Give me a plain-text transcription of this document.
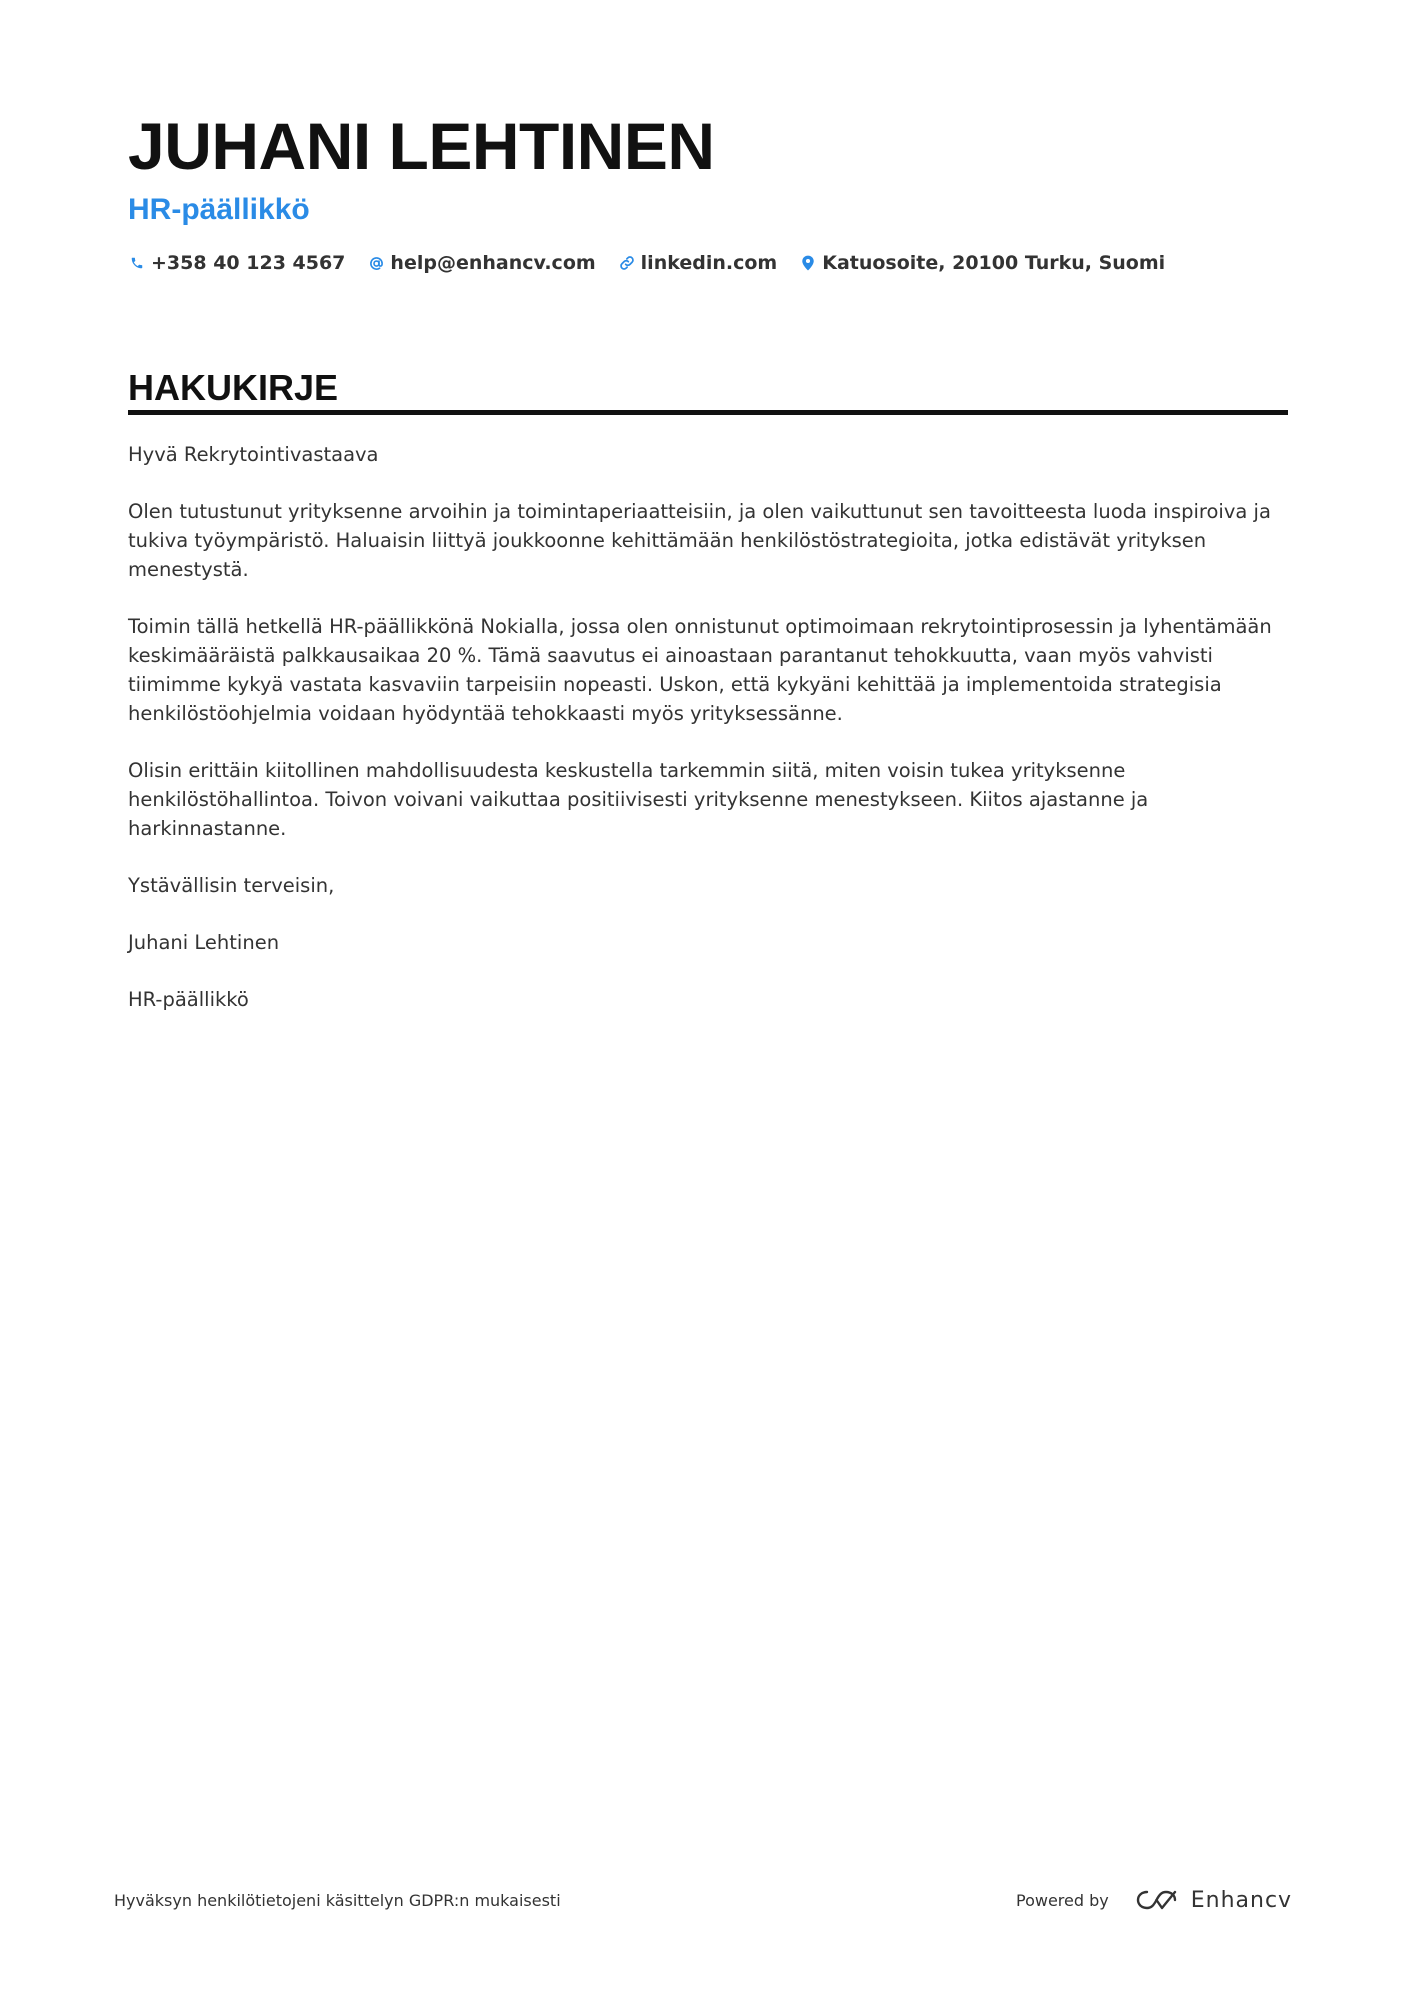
JUHANI LEHTINEN
HR-päällikkö
+358 40 123 4567 help@enhancv.com linkedin.com Katuosoite, 20100 Turku, Suomi
HAKUKIRJE

Hyvä Rekrytointivastaava

Olen tutustunut yrityksenne arvoihin ja toimintaperiaatteisiin, ja olen vaikuttunut sen tavoitteesta luoda inspiroiva ja tukiva työympäristö. Haluaisin liittyä joukkoonne kehittämään henkilöstöstrategioita, jotka edistävät yrityksen menestystä.

Toimin tällä hetkellä HR-päällikkönä Nokialla, jossa olen onnistunut optimoimaan rekrytointiprosessin ja lyhentämään keskimääräistä palkkausaikaa 20 %. Tämä saavutus ei ainoastaan parantanut tehokkuutta, vaan myös vahvisti tiimimme kykyä vastata kasvaviin tarpeisiin nopeasti. Uskon, että kykyäni kehittää ja implementoida strategisia henkilöstöohjelmia voidaan hyödyntää tehokkaasti myös yrityksessänne.

Olisin erittäin kiitollinen mahdollisuudesta keskustella tarkemmin siitä, miten voisin tukea yrityksenne henkilöstöhallintoa. Toivon voivani vaikuttaa positiivisesti yrityksenne menestykseen. Kiitos ajastanne ja harkinnastanne.

Ystävällisin terveisin,

Juhani Lehtinen

HR-päällikkö

Hyväksyn henkilötietojeni käsittelyn GDPR:n mukaisesti	Powered by	Enhancv
